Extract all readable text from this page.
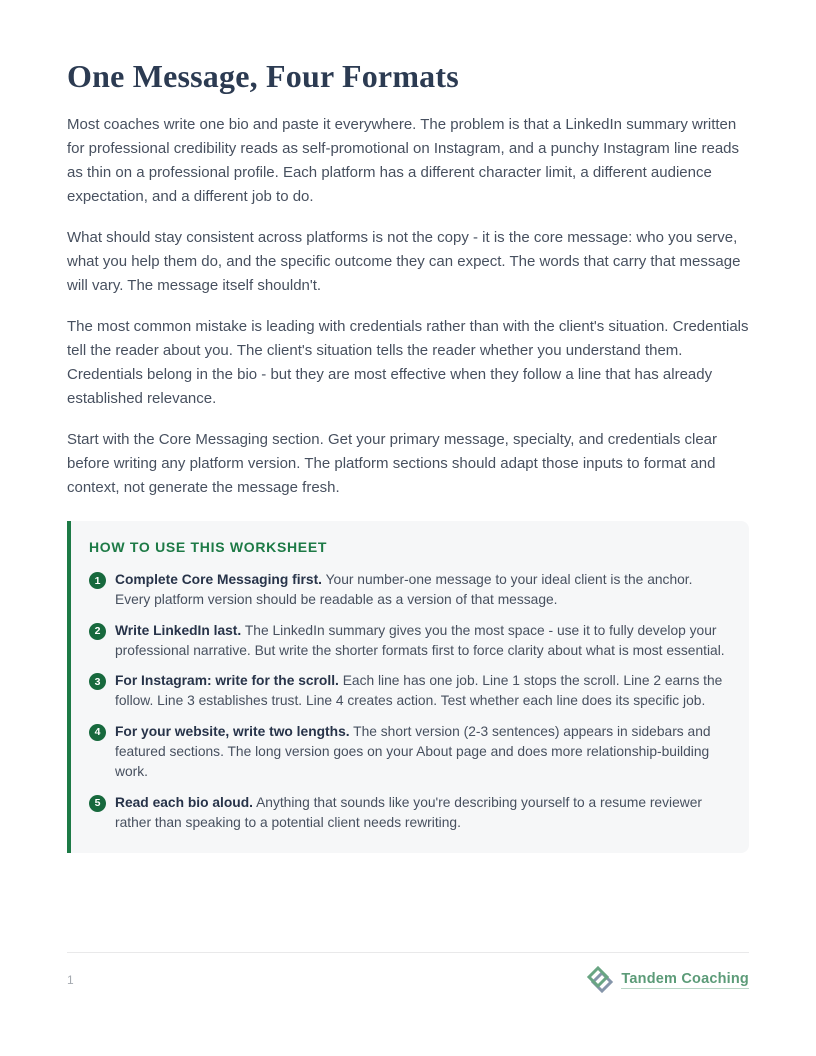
One Message, Four Formats

Most coaches write one bio and paste it everywhere. The problem is that a LinkedIn summary written for professional credibility reads as self-promotional on Instagram, and a punchy Instagram line reads as thin on a professional profile. Each platform has a different character limit, a different audience expectation, and a different job to do.

What should stay consistent across platforms is not the copy - it is the core message: who you serve, what you help them do, and the specific outcome they can expect. The words that carry that message will vary. The message itself shouldn't.

The most common mistake is leading with credentials rather than with the client's situation. Credentials tell the reader about you. The client's situation tells the reader whether you understand them. Credentials belong in the bio - but they are most effective when they follow a line that has already established relevance.

Start with the Core Messaging section. Get your primary message, specialty, and credentials clear before writing any platform version. The platform sections should adapt those inputs to format and context, not generate the message fresh.

HOW TO USE THIS WORKSHEET
1	Complete Core Messaging first. Your number-one message to your ideal client is the anchor. Every platform version should be readable as a version of that message.
2	Write LinkedIn last. The LinkedIn summary gives you the most space - use it to fully develop your professional narrative. But write the shorter formats first to force clarity about what is most essential.
3	For Instagram: write for the scroll. Each line has one job. Line 1 stops the scroll. Line 2 earns the follow. Line 3 establishes trust. Line 4 creates action. Test whether each line does its specific job.
4	For your website, write two lengths. The short version (2-3 sentences) appears in sidebars and featured sections. The long version goes on your About page and does more relationship-building work.
5	Read each bio aloud. Anything that sounds like you're describing yourself to a resume reviewer rather than speaking to a potential client needs rewriting.
1	Tandem Coaching
